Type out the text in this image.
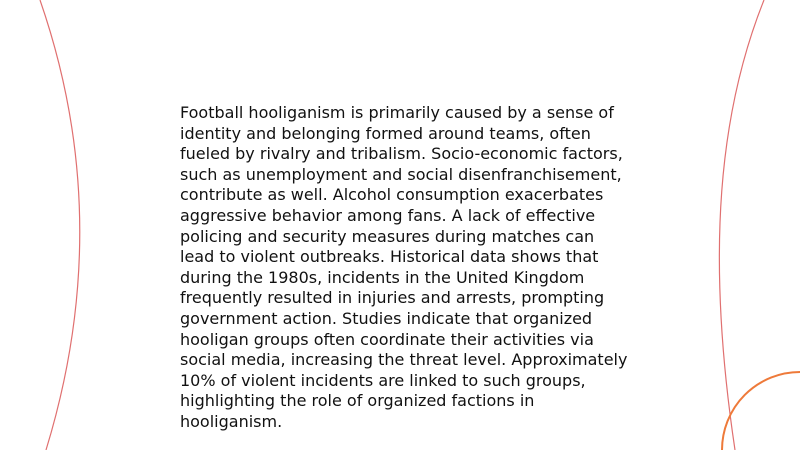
Football hooliganism is primarily caused by a sense of identity and belonging formed around teams, often fueled by rivalry and tribalism. Socio-economic factors, such as unemployment and social disenfranchisement, contribute as well. Alcohol consumption exacerbates aggressive behavior among fans. A lack of effective policing and security measures during matches can lead to violent outbreaks. Historical data shows that during the 1980s, incidents in the United Kingdom frequently resulted in injuries and arrests, prompting government action. Studies indicate that organized hooligan groups often coordinate their activities via social media, increasing the threat level. Approximately 10% of violent incidents are linked to such groups, highlighting the role of organized factions in hooliganism.
